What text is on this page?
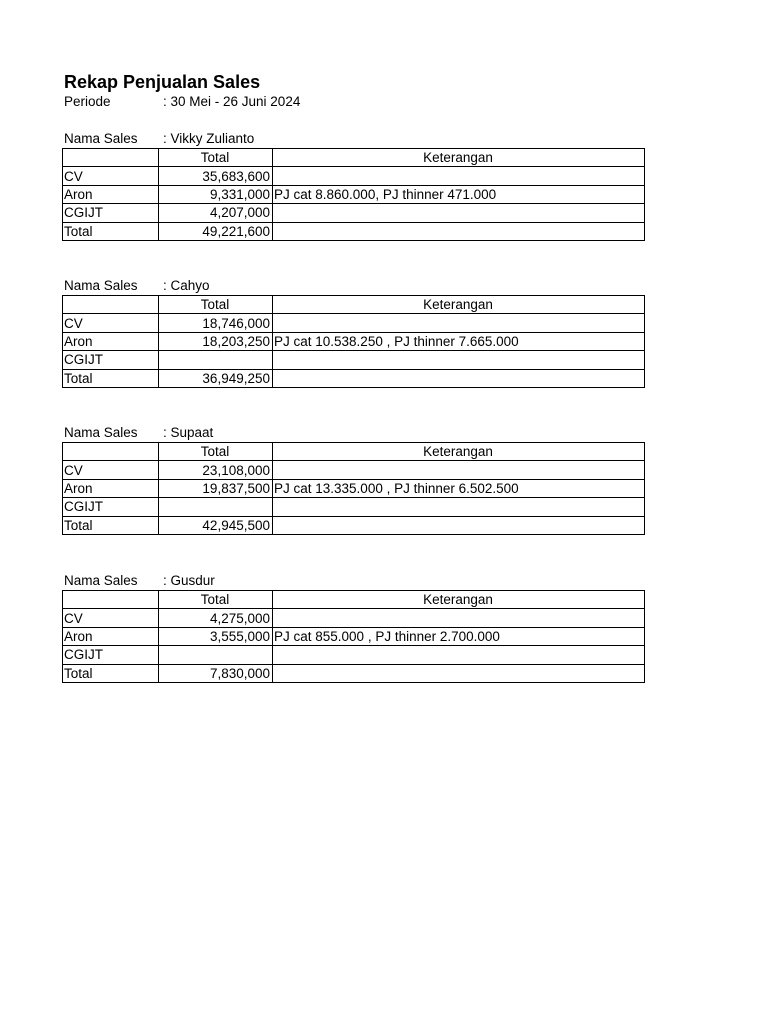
Rekap Penjualan Sales
Periode	: 30 Mei - 26 Juni 2024
Nama Sales : Vikky Zulianto
	Total	Keterangan
CV	35,683,600	
Aron	9,331,000	PJ cat 8.860.000, PJ thinner 471.000
CGIJT	4,207,000	
Total	49,221,600	
Nama Sales : Cahyo
	Total	Keterangan
CV	18,746,000	
Aron	18,203,250	PJ cat 10.538.250 , PJ thinner 7.665.000
CGIJT		
Total	36,949,250	
Nama Sales : Supaat
	Total	Keterangan
CV	23,108,000	
Aron	19,837,500	PJ cat 13.335.000 , PJ thinner 6.502.500
CGIJT		
Total	42,945,500	
Nama Sales : Gusdur
	Total	Keterangan
CV	4,275,000	
Aron	3,555,000	PJ cat 855.000 , PJ thinner 2.700.000
CGIJT		
Total	7,830,000	
